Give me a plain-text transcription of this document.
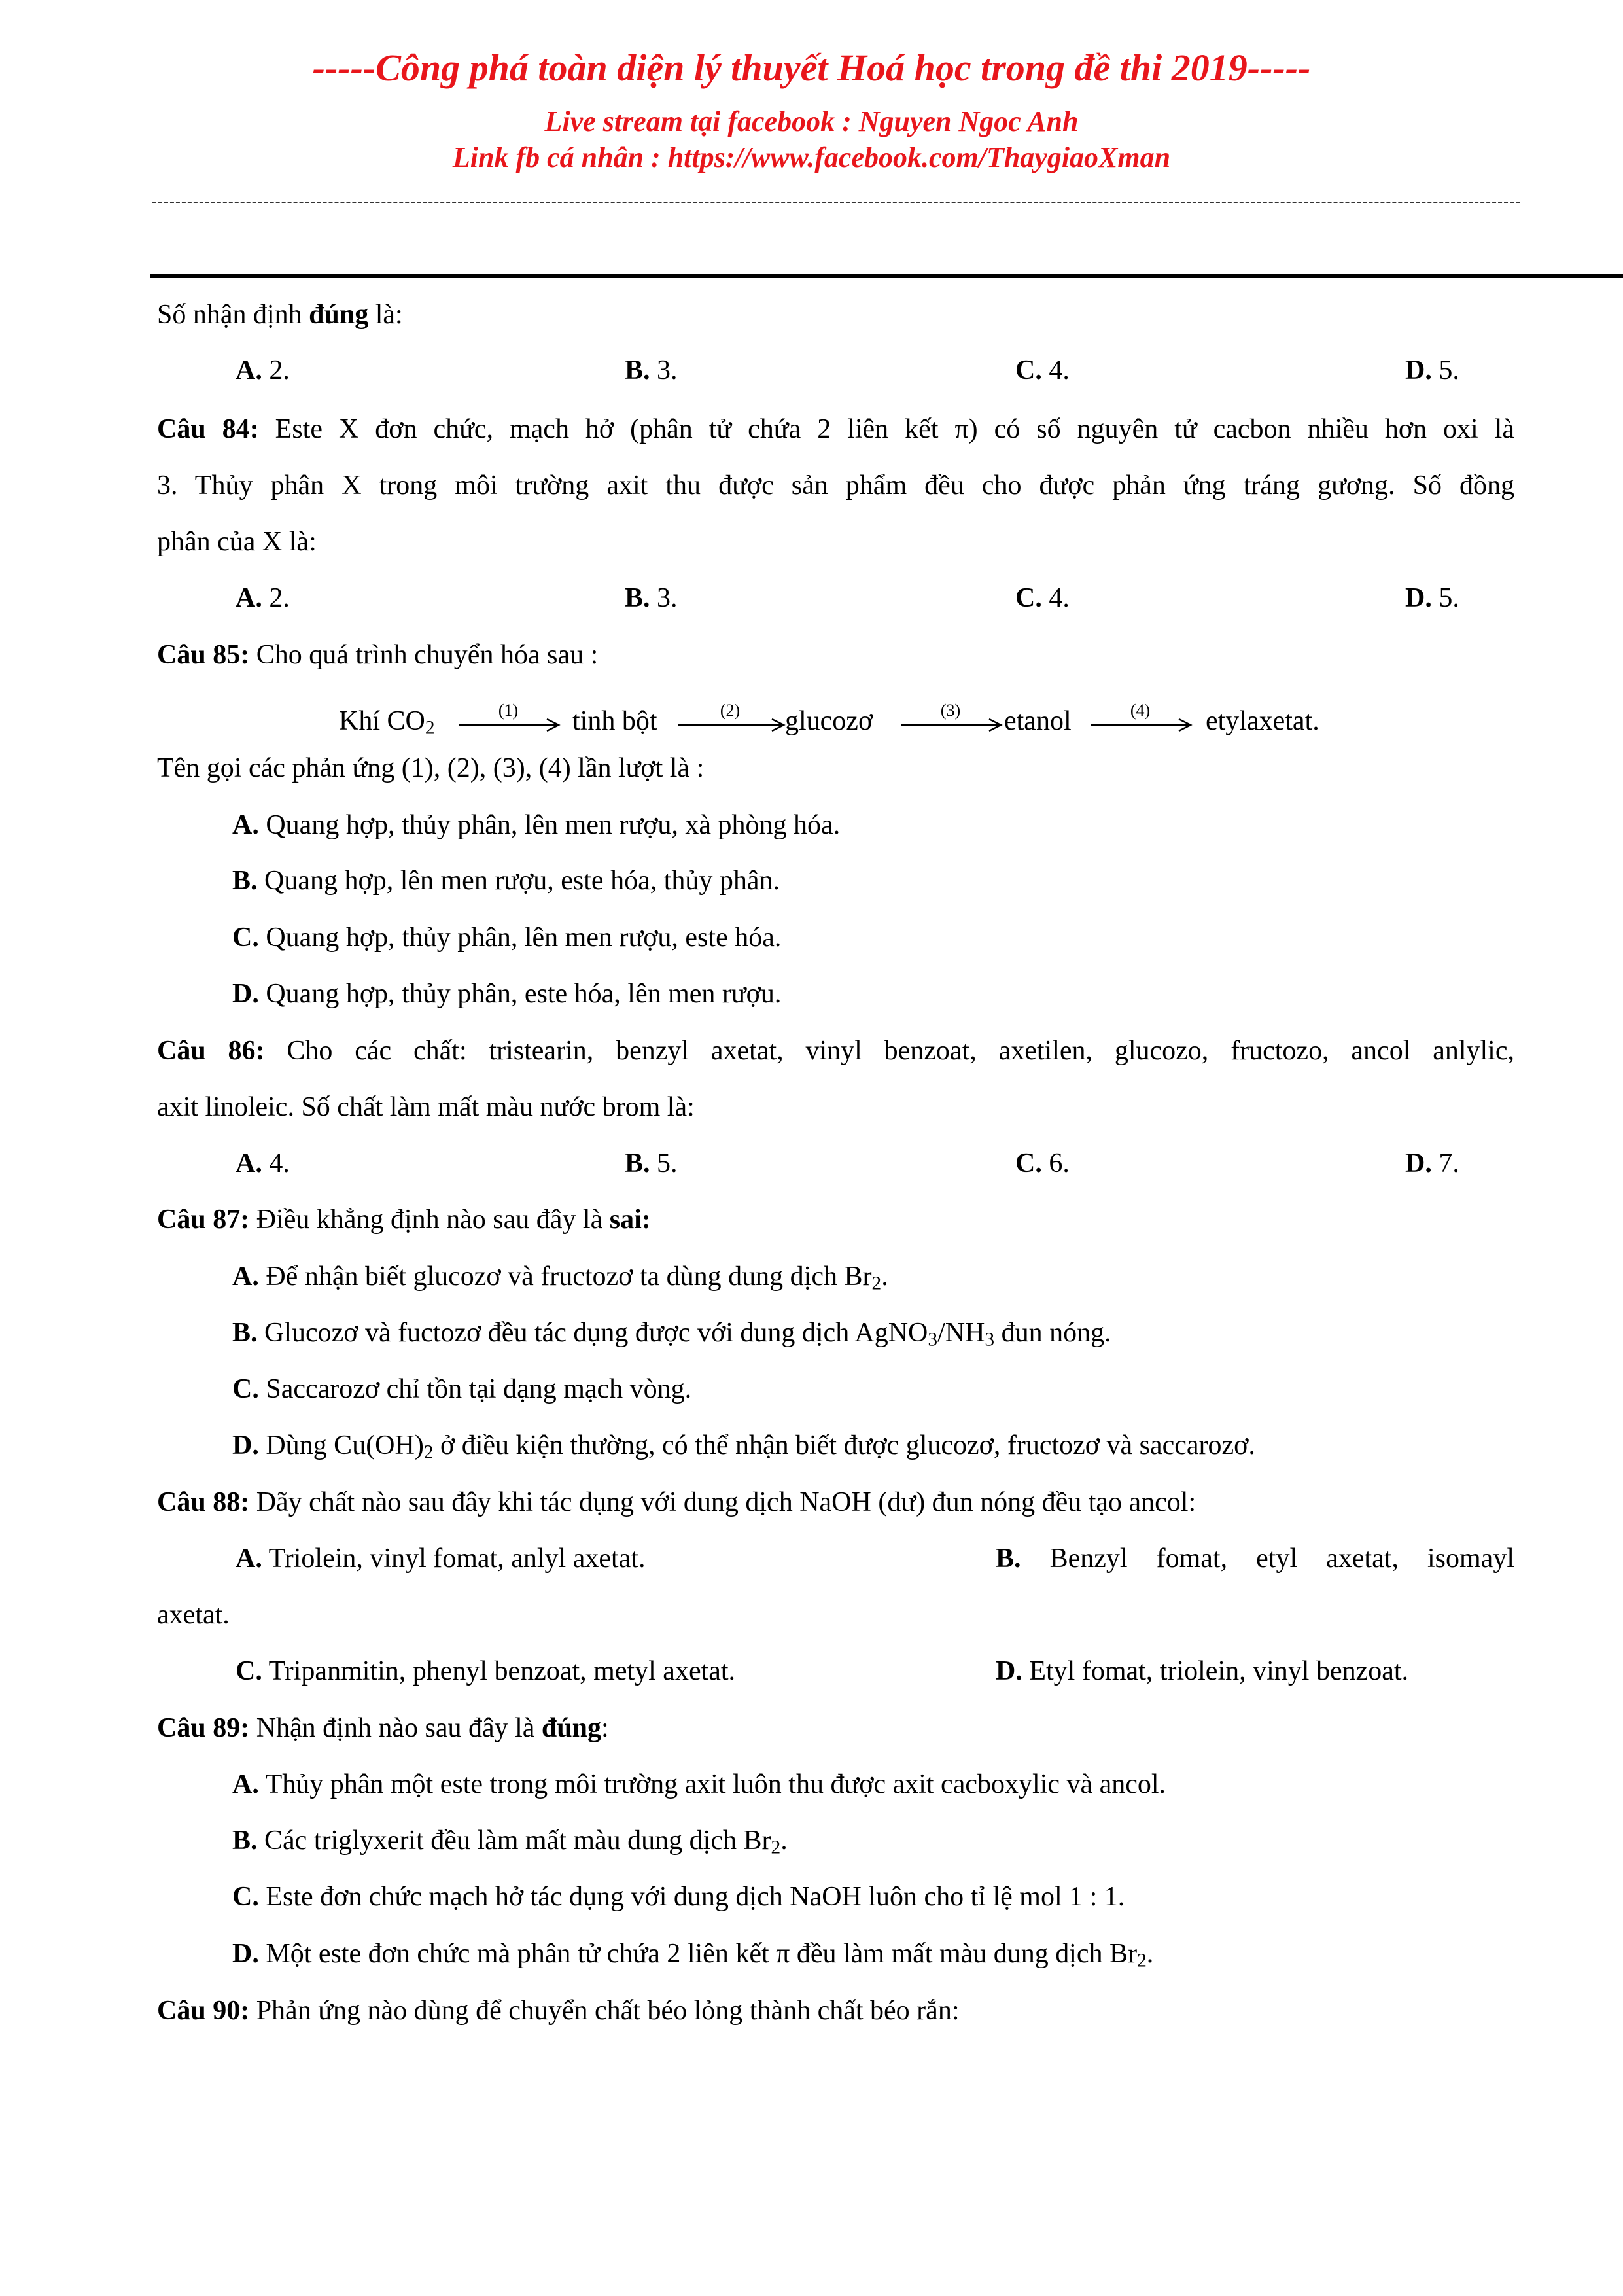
-----Công phá toàn diện lý thuyết Hoá học trong đề thi 2019-----
Live stream tại facebook : Nguyen Ngoc Anh
Link fb cá nhân : https://www.facebook.com/ThaygiaoXman
Số nhận định đúng là:
A. 2.	B. 3.	C. 4.	D. 5.
Câu 84: Este X đơn chức, mạch hở (phân tử chứa 2 liên kết π) có số nguyên tử cacbon nhiều hơn oxi là
3. Thủy phân X trong môi trường axit thu được sản phẩm đều cho được phản ứng tráng gương. Số đồng
phân của X là:
A. 2.	B. 3.	C. 4.	D. 5.
Câu 85: Cho quá trình chuyển hóa sau :
Khí $CO_2$
(1)	(2)	(3)	(4)
tinh bột	glucozơ	etanol	etylaxetat.
Tên gọi các phản ứng (1), (2), (3), (4) lần lượt là :
A. Quang hợp, thủy phân, lên men rượu, xà phòng hóa.
B. Quang hợp, lên men rượu, este hóa, thủy phân.
C. Quang hợp, thủy phân, lên men rượu, este hóa.
D. Quang hợp, thủy phân, este hóa, lên men rượu.
Câu 86: Cho các chất: tristearin, benzyl axetat, vinyl benzoat, axetilen, glucozo, fructozo, ancol anlylic,
axit linoleic. Số chất làm mất màu nước brom là:
A. 4.	B. 5.	C. 6.	D. 7.
Câu 87: Điều khẳng định nào sau đây là sai:
A. Để nhận biết glucozơ và fructozơ ta dùng dung dịch $Br_2$.
B. Glucozơ và fuctozơ đều tác dụng được với dung dịch $AgNO_3/NH_3$ đun nóng.
C. Saccarozơ chỉ tồn tại dạng mạch vòng.
D. Dùng $Cu(OH)_2$ ở điều kiện thường, có thể nhận biết được glucozơ, fructozơ và saccarozơ.
Câu 88: Dãy chất nào sau đây khi tác dụng với dung dịch NaOH (dư) đun nóng đều tạo ancol:
A. Triolein, vinyl fomat, anlyl axetat.	B. Benzyl fomat, etyl axetat, isomayl
axetat.
C. Tripanmitin, phenyl benzoat, metyl axetat.	D. Etyl fomat, triolein, vinyl benzoat.
Câu 89: Nhận định nào sau đây là đúng:
A. Thủy phân một este trong môi trường axit luôn thu được axit cacboxylic và ancol.
B. Các triglyxerit đều làm mất màu dung dịch $Br_2$.
C. Este đơn chức mạch hở tác dụng với dung dịch NaOH luôn cho tỉ lệ mol 1 : 1.
D. Một este đơn chức mà phân tử chứa 2 liên kết π đều làm mất màu dung dịch $Br_2$.
Câu 90: Phản ứng nào dùng để chuyển chất béo lỏng thành chất béo rắn:
